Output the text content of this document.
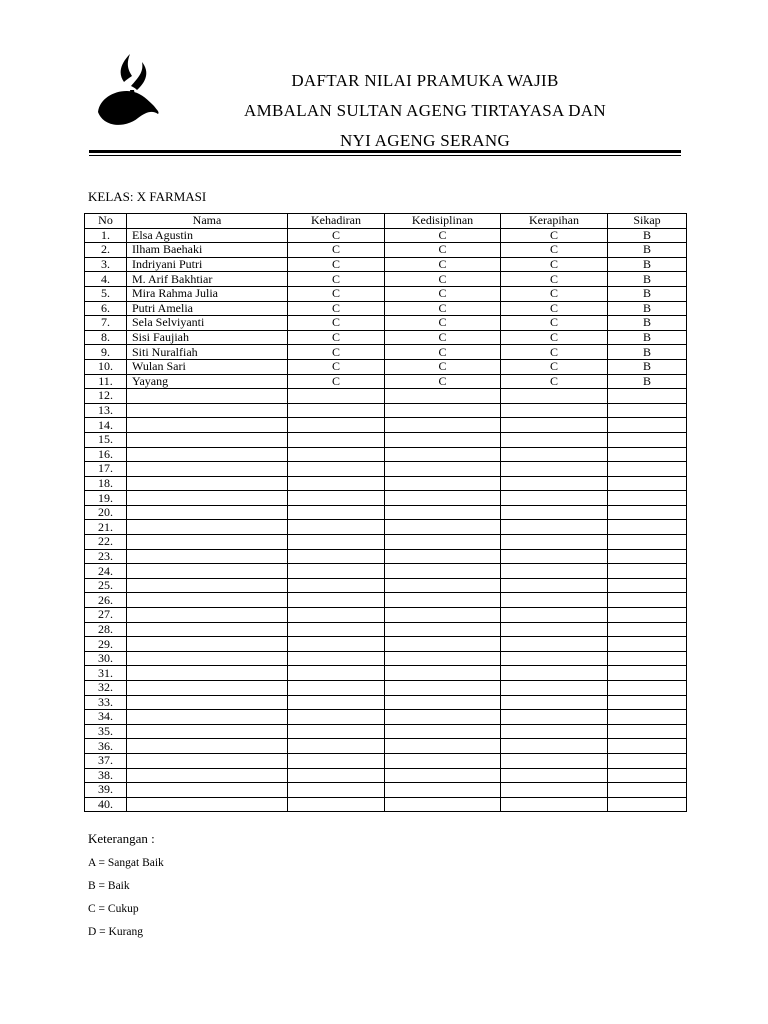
DAFTAR NILAI PRAMUKA WAJIB
AMBALAN SULTAN AGENG TIRTAYASA DAN
NYI AGENG SERANG
KELAS: X FARMASI
No	Nama	Kehadiran	Kedisiplinan	Kerapihan	Sikap
1.	Elsa Agustin	C	C	C	B
2.	Ilham Baehaki	C	C	C	B
3.	Indriyani Putri	C	C	C	B
4.	M. Arif Bakhtiar	C	C	C	B
5.	Mira Rahma Julia	C	C	C	B
6.	Putri Amelia	C	C	C	B
7.	Sela Selviyanti	C	C	C	B
8.	Sisi Faujiah	C	C	C	B
9.	Siti Nuralfiah	C	C	C	B
10.	Wulan Sari	C	C	C	B
11.	Yayang	C	C	C	B
12.					
13.					
14.					
15.					
16.					
17.					
18.					
19.					
20.					
21.					
22.					
23.					
24.					
25.					
26.					
27.					
28.					
29.					
30.					
31.					
32.					
33.					
34.					
35.					
36.					
37.					
38.					
39.					
40.					
Keterangan :
A = Sangat Baik
B = Baik
C = Cukup
D = Kurang
